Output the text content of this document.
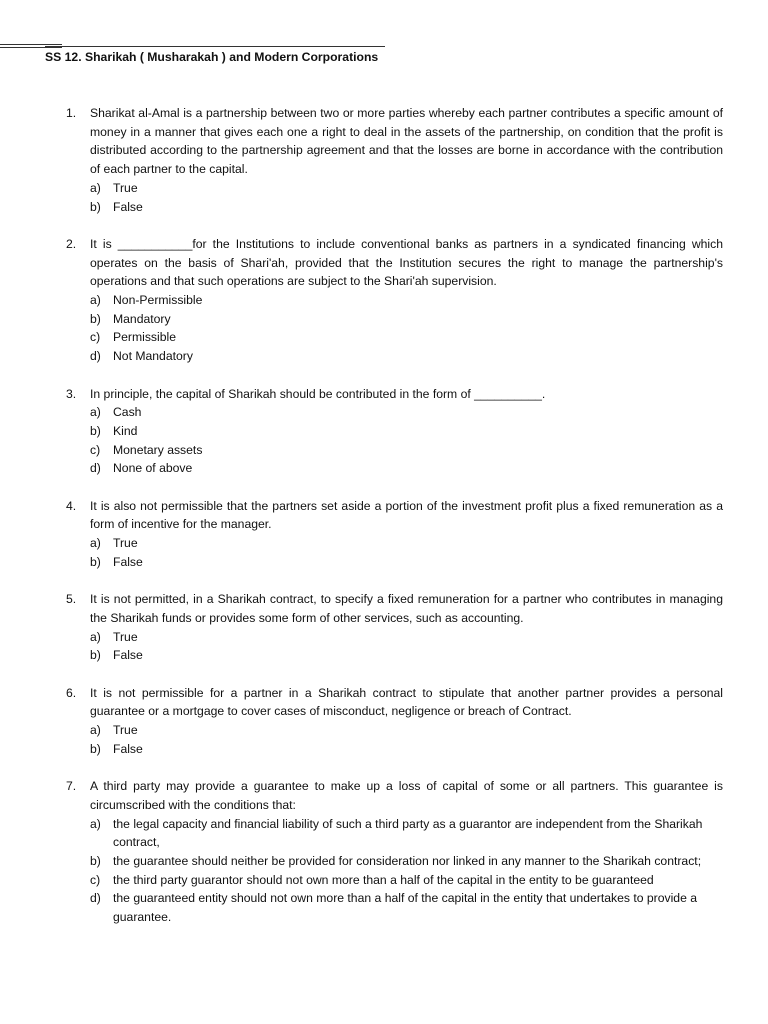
SS 12. Sharikah ( Musharakah ) and Modern Corporations
1.	Sharikat al-Amal is a partnership between two or more parties whereby each partner contributes a specific amount of money in a manner that gives each one a right to deal in the assets of the partnership, on condition that the profit is distributed according to the partnership agreement and that the losses are borne in accordance with the contribution of each partner to the capital.
a) True
b) False
2.	It is ___________for the Institutions to include conventional banks as partners in a syndicated financing which operates on the basis of Shari'ah, provided that the Institution secures the right to manage the partnership's operations and that such operations are subject to the Shari'ah supervision.
a) Non-Permissible
b) Mandatory
c) Permissible
d) Not Mandatory
3.	In principle, the capital of Sharikah should be contributed in the form of __________.
a) Cash
b) Kind
c) Monetary assets
d) None of above
4.	It is also not permissible that the partners set aside a portion of the investment profit plus a fixed remuneration as a form of incentive for the manager.
a) True
b) False
5.	It is not permitted, in a Sharikah contract, to specify a fixed remuneration for a partner who contributes in managing the Sharikah funds or provides some form of other services, such as accounting.
a) True
b) False
6.	It is not permissible for a partner in a Sharikah contract to stipulate that another partner provides a personal guarantee or a mortgage to cover cases of misconduct, negligence or breach of Contract.
a) True
b) False
7.	A third party may provide a guarantee to make up a loss of capital of some or all partners. This guarantee is circumscribed with the conditions that:
a) the legal capacity and financial liability of such a third party as a guarantor are independent from the Sharikah contract,
b) the guarantee should neither be provided for consideration nor linked in any manner to the Sharikah contract;
c) the third party guarantor should not own more than a half of the capital in the entity to be guaranteed
d) the guaranteed entity should not own more than a half of the capital in the entity that undertakes to provide a guarantee.
